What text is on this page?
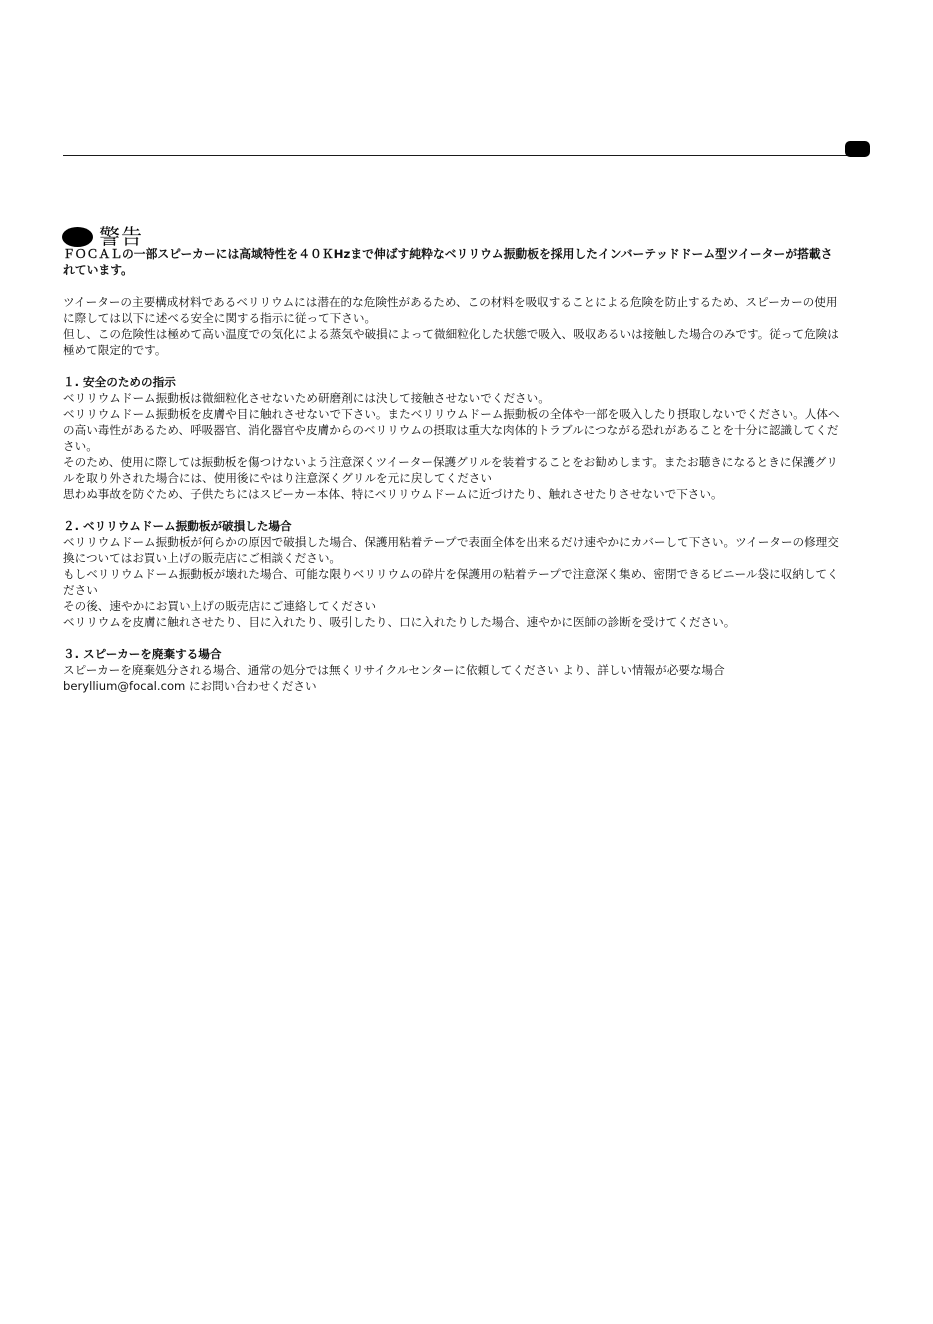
警告

ＦＯＣＡＬの一部スピーカーには高域特性を４０ＫHzまで伸ばす純粋なベリリウム振動板を採用したインバーテッドドーム型ツイーターが搭載されています。

ツイーターの主要構成材料であるベリリウムには潜在的な危険性があるため、この材料を吸収することによる危険を防止するため、スピーカーの使用に際しては以下に述べる安全に関する指示に従って下さい。

但し、この危険性は極めて高い温度での気化による蒸気や破損によって微細粒化した状態で吸入、吸収あるいは接触した場合のみです。従って危険は極めて限定的です。

１. 安全のための指示

ベリリウムドーム振動板は微細粒化させないため研磨剤には決して接触させないでください。

ベリリウムドーム振動板を皮膚や目に触れさせないで下さい。またベリリウムドーム振動板の全体や一部を吸入したり摂取しないでください。人体への高い毒性があるため、呼吸器官、消化器官や皮膚からのベリリウムの摂取は重大な肉体的トラブルにつながる恐れがあることを十分に認識してください。

そのため、使用に際しては振動板を傷つけないよう注意深くツイーター保護グリルを装着することをお勧めします。またお聴きになるときに保護グリルを取り外された場合には、使用後にやはり注意深くグリルを元に戻してください

思わぬ事故を防ぐため、子供たちにはスピーカー本体、特にベリリウムドームに近づけたり、触れさせたりさせないで下さい。

２. ベリリウムドーム振動板が破損した場合

ベリリウムドーム振動板が何らかの原因で破損した場合、保護用粘着テープで表面全体を出来るだけ速やかにカバーして下さい。ツイーターの修理交換についてはお買い上げの販売店にご相談ください。

もしベリリウムドーム振動板が壊れた場合、可能な限りベリリウムの砕片を保護用の粘着テープで注意深く集め、密閉できるビニール袋に収納してください

その後、速やかにお買い上げの販売店にご連絡してください

ベリリウムを皮膚に触れさせたり、目に入れたり、吸引したり、口に入れたりした場合、速やかに医師の診断を受けてください。

３. スピーカーを廃棄する場合

スピーカーを廃棄処分される場合、通常の処分では無くリサイクルセンターに依頼してください より、詳しい情報が必要な場合

beryllium@focal.com にお問い合わせください
